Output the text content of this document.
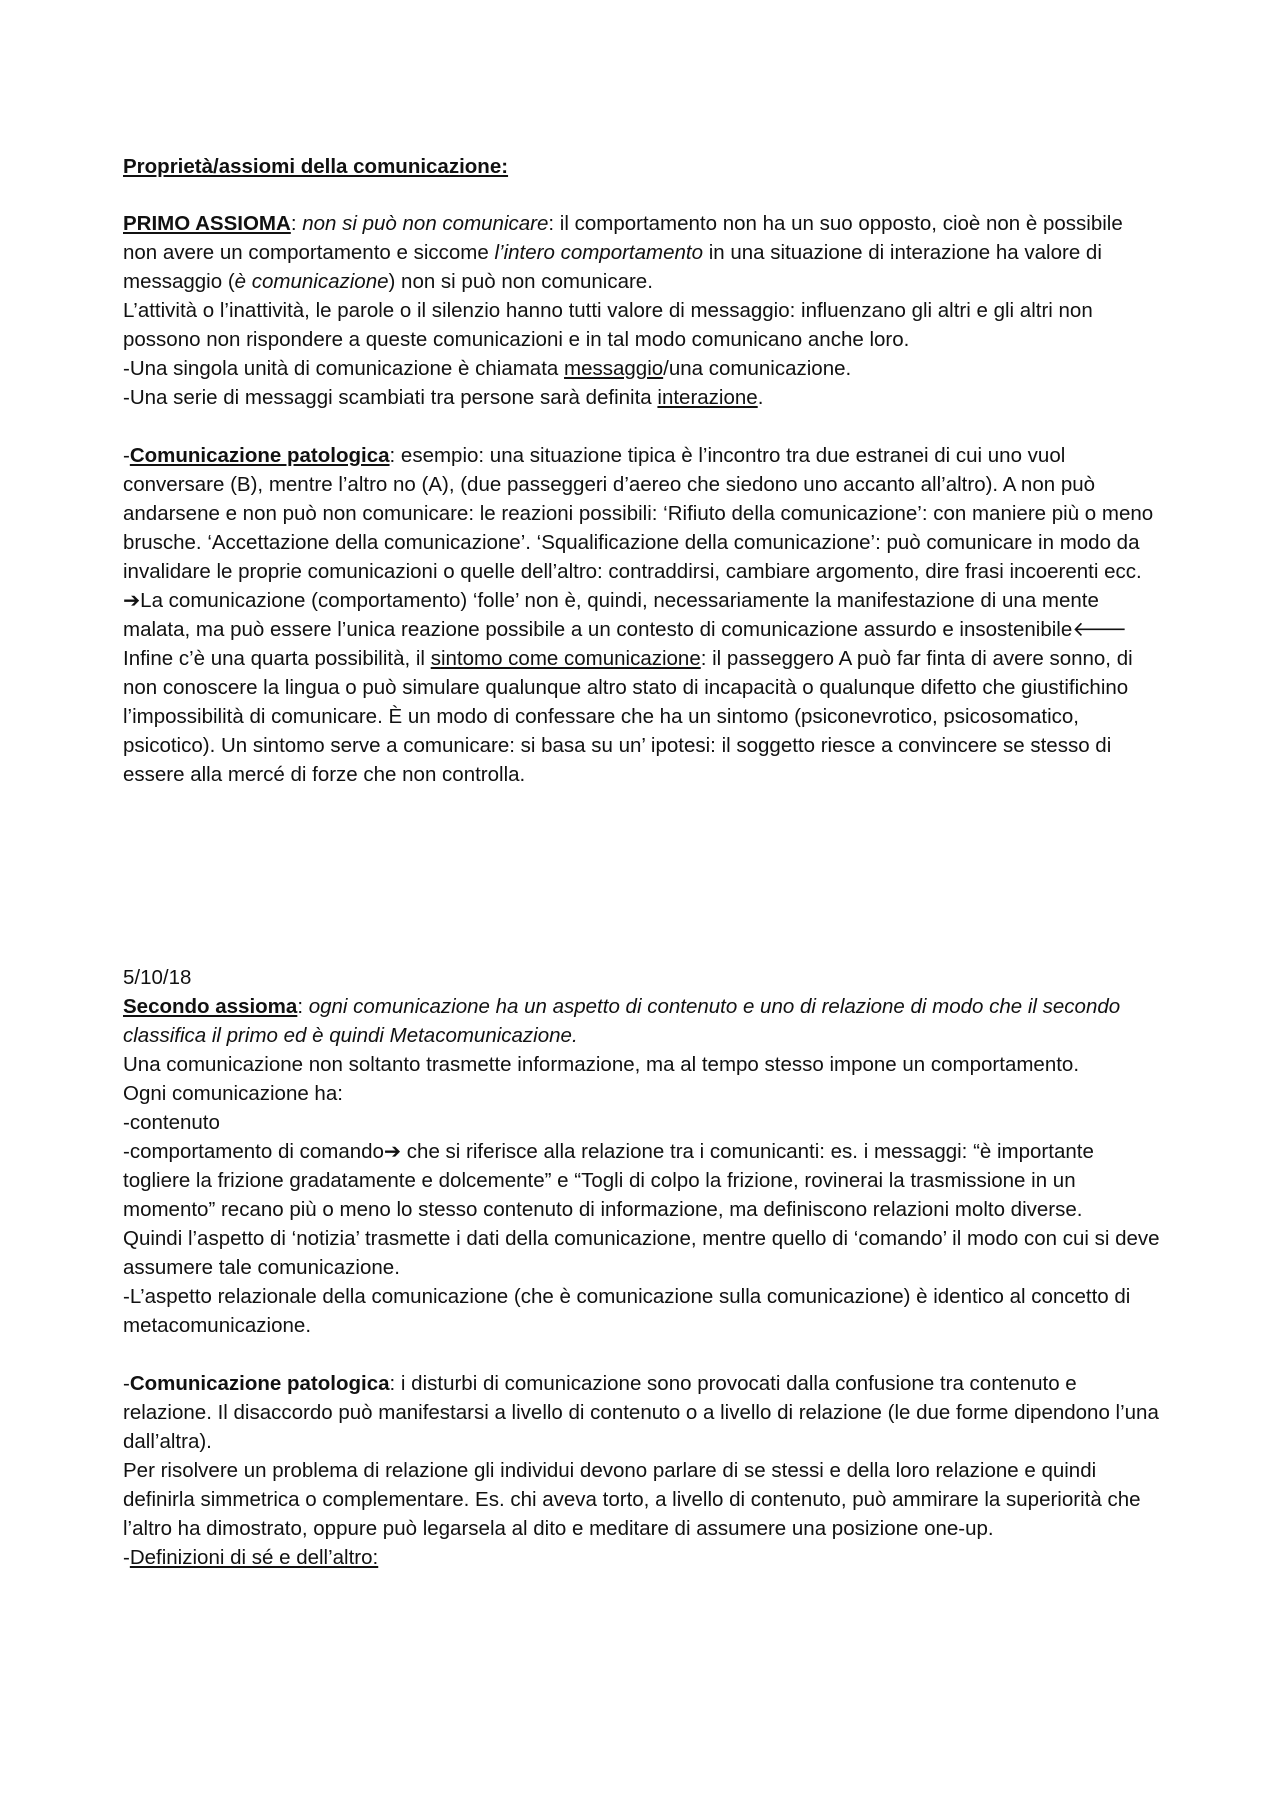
Proprietà/assiomi della comunicazione:

PRIMO ASSIOMA: non si può non comunicare: il comportamento non ha un suo opposto, cioè non è possibile non avere un comportamento e siccome l’intero comportamento in una situazione di interazione ha valore di messaggio (è comunicazione) non si può non comunicare.

L’attività o l’inattività, le parole o il silenzio hanno tutti valore di messaggio: influenzano gli altri e gli altri non possono non rispondere a queste comunicazioni e in tal modo comunicano anche loro.

-Una singola unità di comunicazione è chiamata messaggio/una comunicazione.

-Una serie di messaggi scambiati tra persone sarà definita interazione.

-Comunicazione patologica: esempio: una situazione tipica è l’incontro tra due estranei di cui uno vuol conversare (B), mentre l’altro no (A), (due passeggeri d’aereo che siedono uno accanto all’altro). A non può andarsene e non può non comunicare: le reazioni possibili: ‘Rifiuto della comunicazione’: con maniere più o meno brusche. ‘Accettazione della comunicazione’. ‘Squalificazione della comunicazione’: può comunicare in modo da invalidare le proprie comunicazioni o quelle dell’altro: contraddirsi, cambiare argomento, dire frasi incoerenti ecc.

➔La comunicazione (comportamento) ‘folle’ non è, quindi, necessariamente la manifestazione di una mente malata, ma può essere l’unica reazione possibile a un contesto di comunicazione assurdo e insostenibile🡐

Infine c’è una quarta possibilità, il sintomo come comunicazione: il passeggero A può far finta di avere sonno, di non conoscere la lingua o può simulare qualunque altro stato di incapacità o qualunque difetto che giustifichino l’impossibilità di comunicare. È un modo di confessare che ha un sintomo (psiconevrotico, psicosomatico, psicotico). Un sintomo serve a comunicare: si basa su un’ ipotesi: il soggetto riesce a convincere se stesso di essere alla mercé di forze che non controlla.

5/10/18

Secondo assioma: ogni comunicazione ha un aspetto di contenuto e uno di relazione di modo che il secondo classifica il primo ed è quindi Metacomunicazione.

Una comunicazione non soltanto trasmette informazione, ma al tempo stesso impone un comportamento.

Ogni comunicazione ha:

-contenuto

-comportamento di comando➔ che si riferisce alla relazione tra i comunicanti: es. i messaggi: “è importante togliere la frizione gradatamente e dolcemente” e “Togli di colpo la frizione, rovinerai la trasmissione in un momento” recano più o meno lo stesso contenuto di informazione, ma definiscono relazioni molto diverse.

Quindi l’aspetto di ‘notizia’ trasmette i dati della comunicazione, mentre quello di ‘comando’ il modo con cui si deve assumere tale comunicazione.

-L’aspetto relazionale della comunicazione (che è comunicazione sulla comunicazione) è identico al concetto di metacomunicazione.

-Comunicazione patologica: i disturbi di comunicazione sono provocati dalla confusione tra contenuto e relazione. Il disaccordo può manifestarsi a livello di contenuto o a livello di relazione (le due forme dipendono l’una dall’altra).

Per risolvere un problema di relazione gli individui devono parlare di se stessi e della loro relazione e quindi definirla simmetrica o complementare. Es. chi aveva torto, a livello di contenuto, può ammirare la superiorità che l’altro ha dimostrato, oppure può legarsela al dito e meditare di assumere una posizione one-up.

-Definizioni di sé e dell’altro:
